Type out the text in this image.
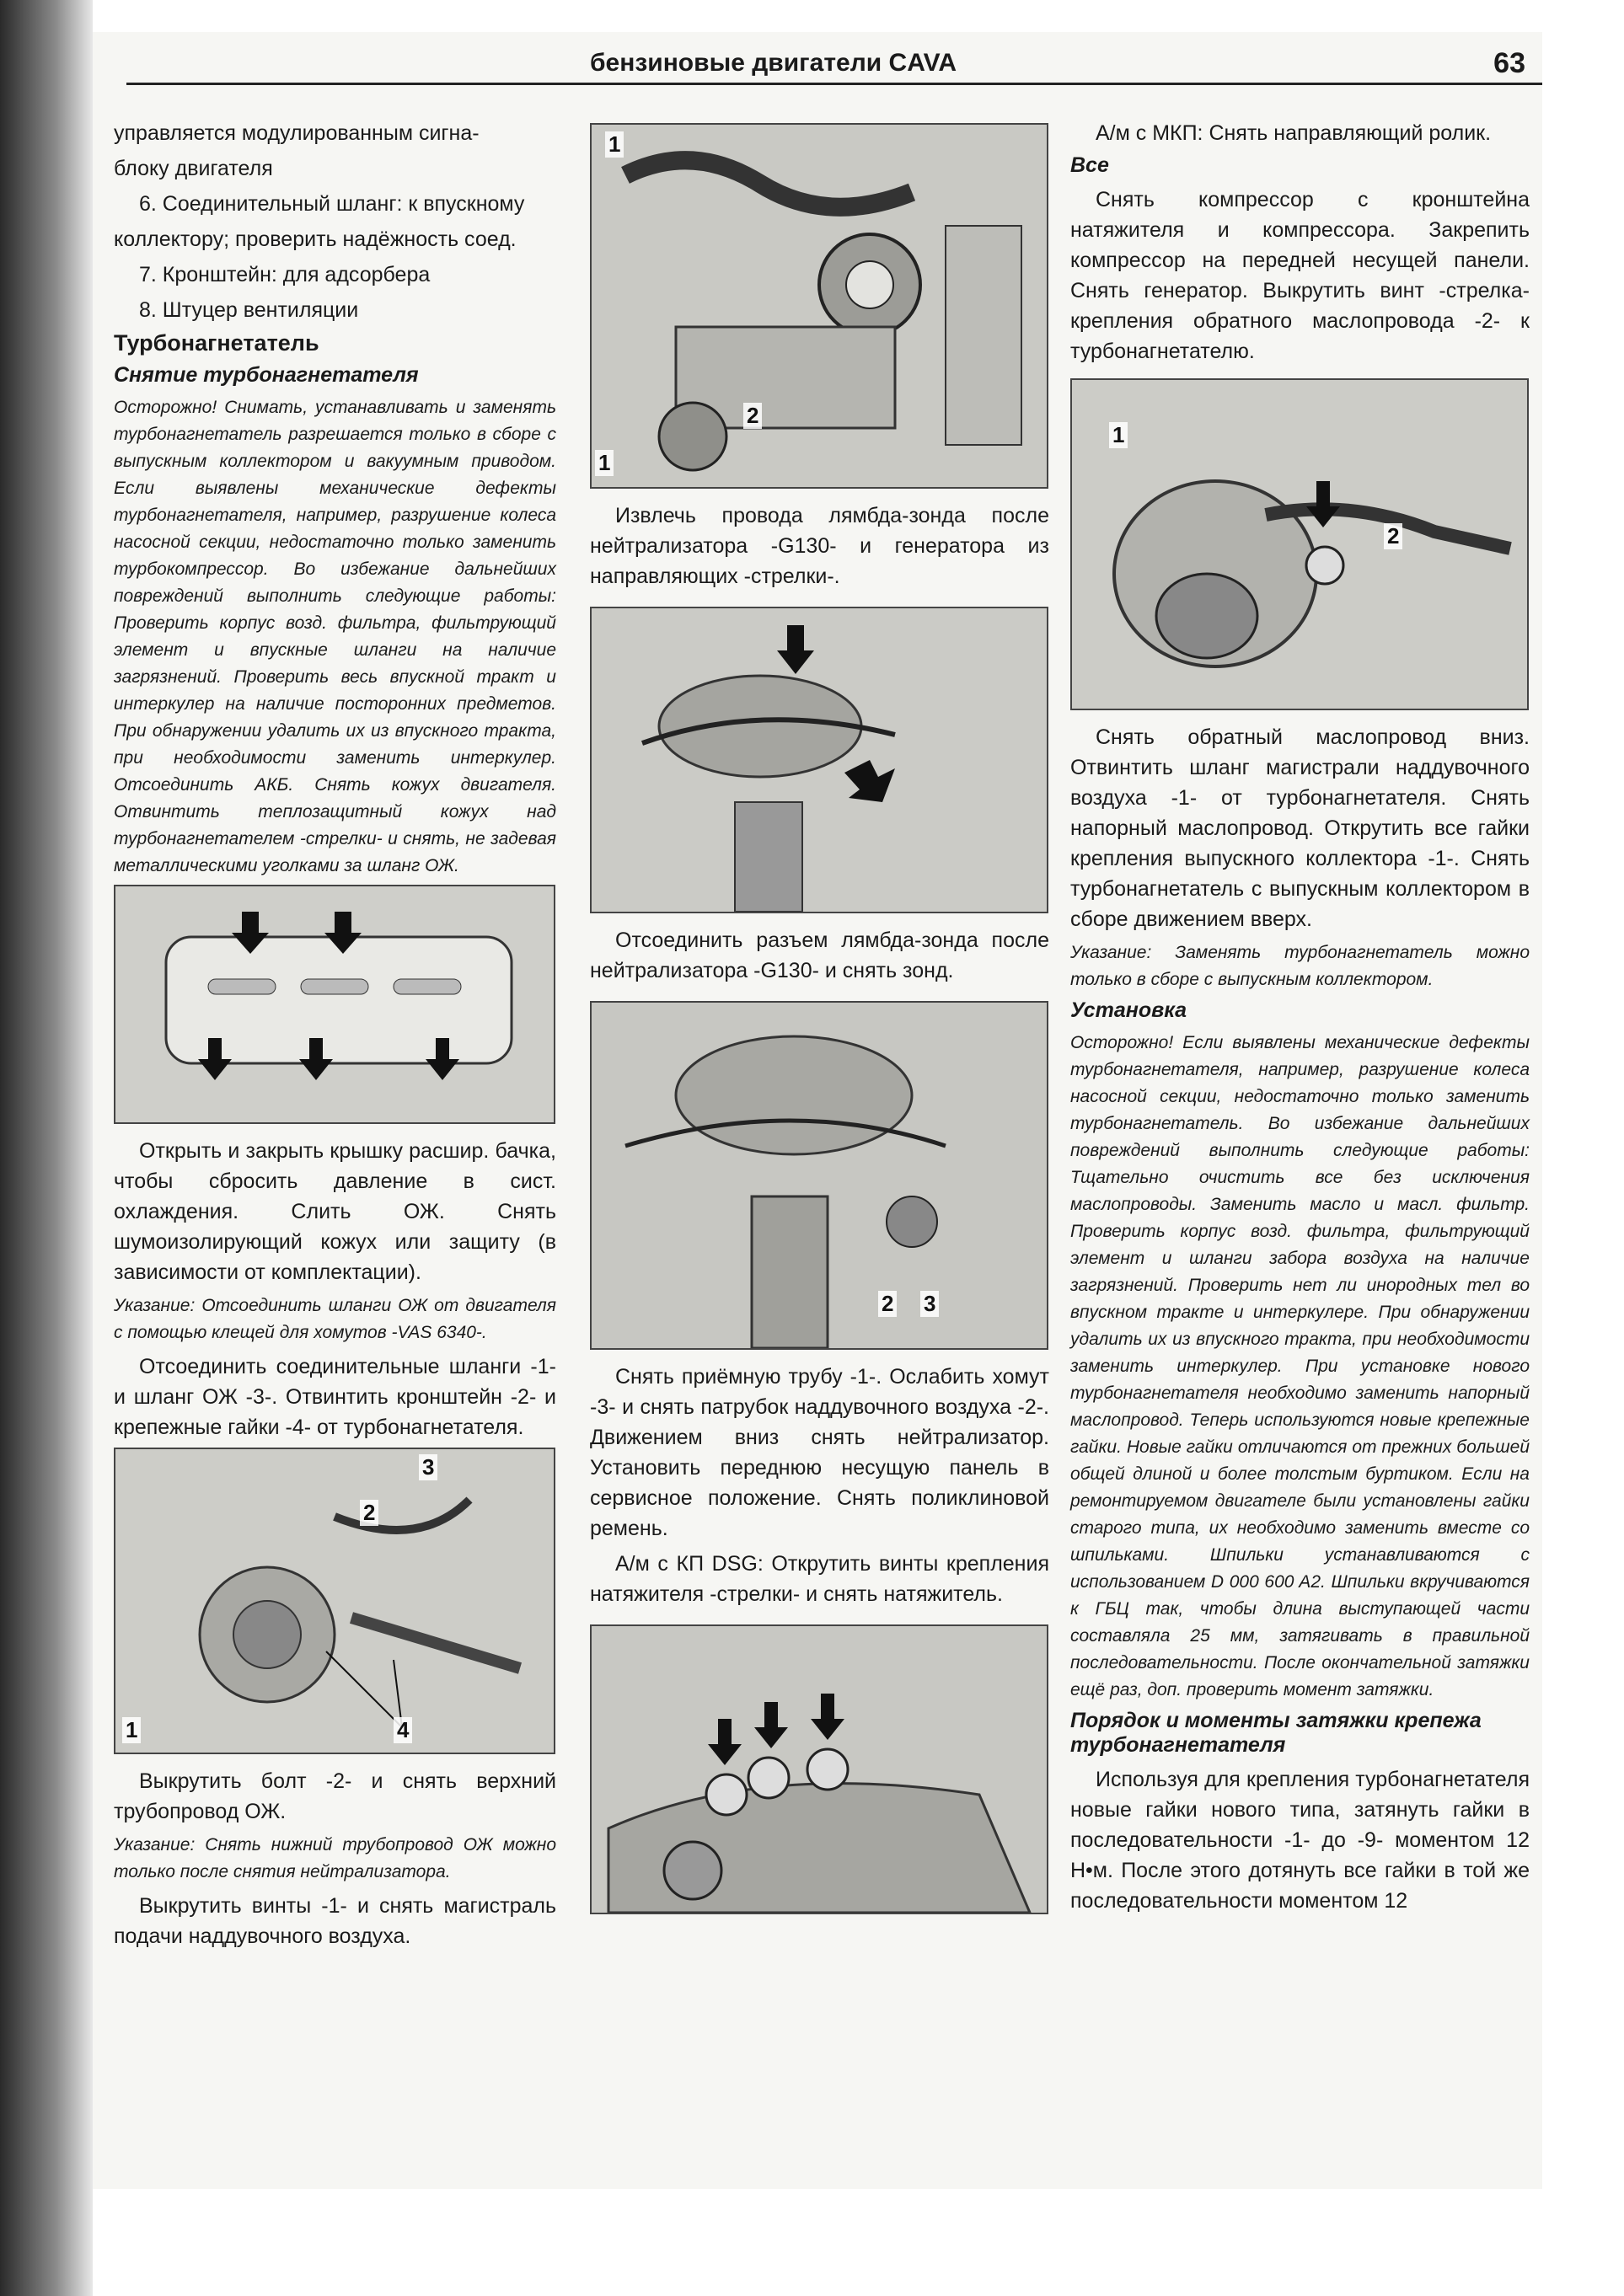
бензиновые двигатели CAVA	63

управляется модулированным сигна-

блоку двигателя

6. Соединительный шланг: к впускному

коллектору; проверить надёжность соед.

7. Кронштейн: для адсорбера

8. Штуцер вентиляции

Турбонагнетатель
Снятие турбонагнетателя

Осторожно! Снимать, устанавливать и заменять турбонагнетатель разрешается только в сборе с выпускным коллектором и вакуумным приводом. Если выявлены механические дефекты турбонагнетателя, например, разрушение колеса насосной секции, недостаточно только заменить турбокомпрессор. Во избежание дальнейших повреждений выполнить следующие работы: Проверить корпус возд. фильтра, фильтрующий элемент и впускные шланги на наличие загрязнений. Проверить весь впускной тракт и интеркулер на наличие посторонних предметов. При обнаружении удалить их из впускного тракта, при необходимости заменить интеркулер. Отсоединить АКБ. Снять кожух двигателя. Отвинтить теплозащитный кожух над турбонагнетателем -стрелки- и снять, не задевая металлическими уголками за шланг ОЖ.

Открыть и закрыть крышку расшир. бачка, чтобы сбросить давление в сист. охлаждения. Слить ОЖ. Снять шумоизолирующий кожух или защиту (в зависимости от комплектации).

Указание: Отсоединить шланги ОЖ от двигателя с помощью клещей для хомутов -VAS 6340-.

Отсоединить соединительные шланги -1- и шланг ОЖ -3-. Отвинтить кронштейн -2- и крепежные гайки -4- от турбонагнетателя.

3
2
1	4

Выкрутить болт -2- и снять верхний трубопровод ОЖ.

Указание: Снять нижний трубопровод ОЖ можно только после снятия нейтрализатора.

Выкрутить винты -1- и снять магистраль подачи наддувочного воздуха.

1
2
1

Извлечь провода лямбда-зонда после нейтрализатора -G130- и генератора из направляющих -стрелки-.

Отсоединить разъем лямбда-зонда после нейтрализатора -G130- и снять зонд.

2 3

Снять приёмную трубу -1-. Ослабить хомут -3- и снять патрубок наддувочного воздуха -2-. Движением вниз снять нейтрализатор. Установить переднюю несущую панель в сервисное положение. Снять поликлиновой ремень.

А/м с КП DSG: Открутить винты крепления натяжителя -стрелки- и снять натяжитель.

А/м с МКП: Снять направляющий ролик.

Все

Снять компрессор с кронштейна натяжителя и компрессора. Закрепить компрессор на передней несущей панели. Снять генератор. Выкрутить винт -стрелка- крепления обратного маслопровода -2- к турбонагнетателю.

1
2

Снять обратный маслопровод вниз. Отвинтить шланг магистрали наддувочного воздуха -1- от турбонагнетателя. Снять напорный маслопровод. Открутить все гайки крепления выпускного коллектора -1-. Снять турбонагнетатель с выпускным коллектором в сборе движением вверх.

Указание: Заменять турбонагнетатель можно только в сборе с выпускным коллектором.

Установка

Осторожно! Если выявлены механические дефекты турбонагнетателя, например, разрушение колеса насосной секции, недостаточно только заменить турбонагнетатель. Во избежание дальнейших повреждений выполнить следующие работы: Тщательно очистить все без исключения маслопроводы. Заменить масло и масл. фильтр. Проверить корпус возд. фильтра, фильтрующий элемент и шланги забора воздуха на наличие загрязнений. Проверить нет ли инородных тел во впускном тракте и интеркулере. При обнаружении удалить их из впускного тракта, при необходимости заменить интеркулер. При установке нового турбонагнетателя необходимо заменить напорный маслопровод. Теперь используются новые крепежные гайки. Новые гайки отличаются от прежних большей общей длиной и более толстым буртиком. Если на ремонтируемом двигателе были установлены гайки старого типа, их необходимо заменить вместе со шпильками. Шпильки устанавливаются с использованием D 000 600 A2. Шпильки вкручиваются к ГБЦ так, чтобы длина выступающей части составляла 25 мм, затягивать в правильной последовательности. После окончательной затяжки ещё раз, доп. проверить момент затяжки.

Порядок и моменты затяжки крепежа турбонагнетателя

Используя для крепления турбонагнетателя новые гайки нового типа, затянуть гайки в последовательности -1- до -9- моментом 12 Н•м. После этого дотянуть все гайки в той же последовательности моментом 12
